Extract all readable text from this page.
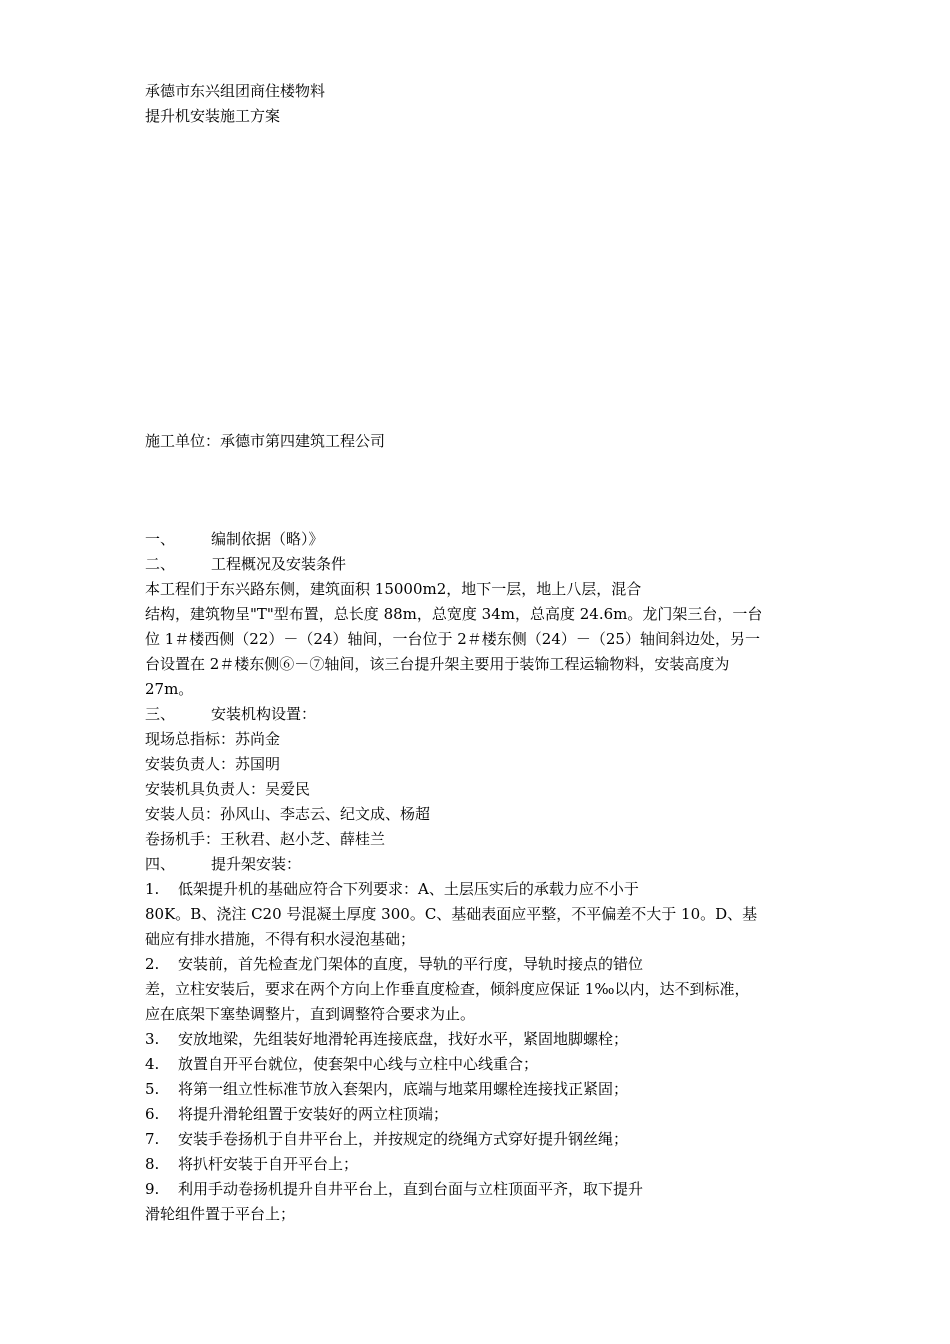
承德市东兴组团商住楼物料
提升机安装施工方案
施工单位：承德市第四建筑工程公司
一、 编制依据（略）》
二、 工程概况及安装条件
本工程们于东兴路东侧，建筑面积 15000m2，地下一层，地上八层，混合
结构，建筑物呈"T"型布置，总长度 88m，总宽度 34m，总高度 24.6m。龙门架三台，一台
位 1＃楼西侧（22）－（24）轴间，一台位于 2＃楼东侧（24）－（25）轴间斜边处，另一
台设置在 2＃楼东侧⑥－⑦轴间，该三台提升架主要用于装饰工程运输物料，安装高度为
27m。
三、 安装机构设置：
现场总指标：苏尚金
安装负责人：苏国明
安装机具负责人：吴爱民
安装人员：孙风山、李志云、纪文成、杨超
卷扬机手：王秋君、赵小芝、薛桂兰
四、 提升架安装：
1. 低架提升机的基础应符合下列要求：A、土层压实后的承载力应不小于
80K。B、浇注 C20 号混凝土厚度 300。C、基础表面应平整，不平偏差不大于 10。D、基
础应有排水措施，不得有积水浸泡基础；
2. 安装前，首先检查龙门架体的直度，导轨的平行度，导轨时接点的错位
差，立柱安装后，要求在两个方向上作垂直度检查，倾斜度应保证 1‰以内，达不到标准，
应在底架下塞垫调整片，直到调整符合要求为止。
3. 安放地梁，先组装好地滑轮再连接底盘，找好水平，紧固地脚螺栓；
4. 放置自开平台就位，使套架中心线与立柱中心线重合；
5. 将第一组立性标准节放入套架内，底端与地菜用螺栓连接找正紧固；
6. 将提升滑轮组置于安装好的两立柱顶端；
7. 安装手卷扬机于自井平台上，并按规定的绕绳方式穿好提升钢丝绳；
8. 将扒杆安装于自开平台上；
9. 利用手动卷扬机提升自井平台上，直到台面与立柱顶面平齐，取下提升
滑轮组件置于平台上；
